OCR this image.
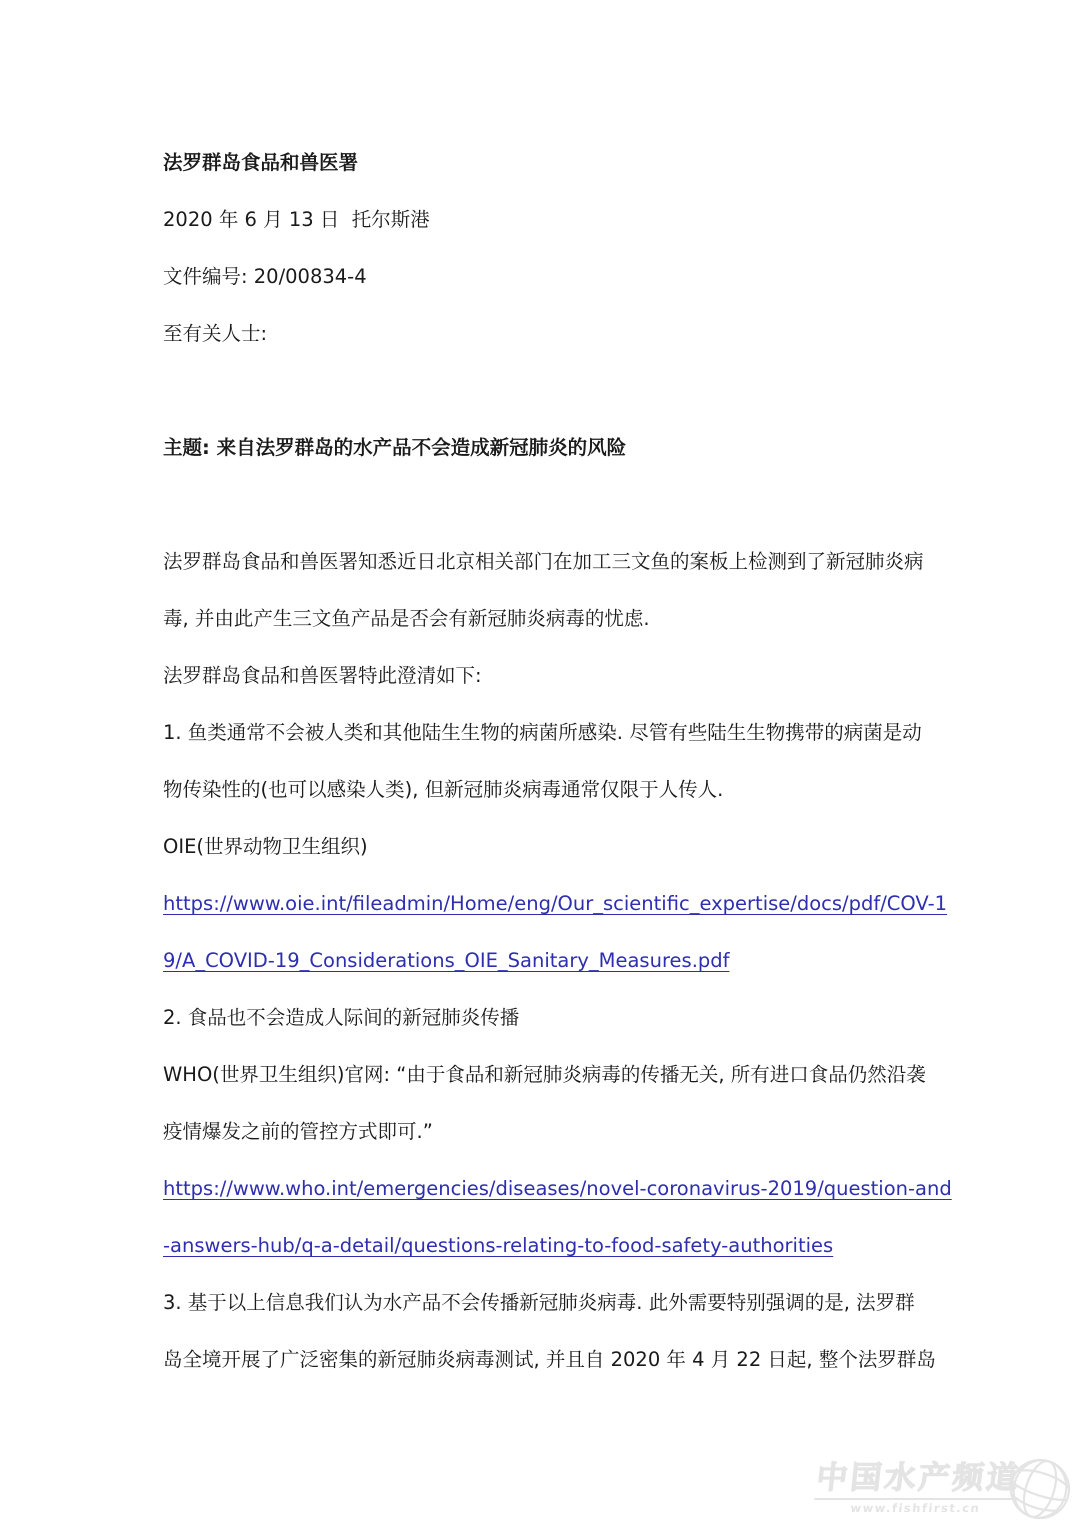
法罗群岛食品和兽医署
2020 年 6 月 13 日  托尔斯港
文件编号: 20/00834-4
至有关人士:
主题: 来自法罗群岛的水产品不会造成新冠肺炎的风险
法罗群岛食品和兽医署知悉近日北京相关部门在加工三文鱼的案板上检测到了新冠肺炎病
毒, 并由此产生三文鱼产品是否会有新冠肺炎病毒的忧虑.
法罗群岛食品和兽医署特此澄清如下:
1. 鱼类通常不会被人类和其他陆生生物的病菌所感染. 尽管有些陆生生物携带的病菌是动
物传染性的(也可以感染人类), 但新冠肺炎病毒通常仅限于人传人.
OIE(世界动物卫生组织)
https://www.oie.int/fileadmin/Home/eng/Our_scientific_expertise/docs/pdf/COV-1
9/A_COVID-19_Considerations_OIE_Sanitary_Measures.pdf
2. 食品也不会造成人际间的新冠肺炎传播
WHO(世界卫生组织)官网: “由于食品和新冠肺炎病毒的传播无关, 所有进口食品仍然沿袭
疫情爆发之前的管控方式即可.”
https://www.who.int/emergencies/diseases/novel-coronavirus-2019/question-and
-answers-hub/q-a-detail/questions-relating-to-food-safety-authorities
3. 基于以上信息我们认为水产品不会传播新冠肺炎病毒. 此外需要特别强调的是, 法罗群
岛全境开展了广泛密集的新冠肺炎病毒测试, 并且自 2020 年 4 月 22 日起, 整个法罗群岛
中国水产频道
www.fishfirst.cn
